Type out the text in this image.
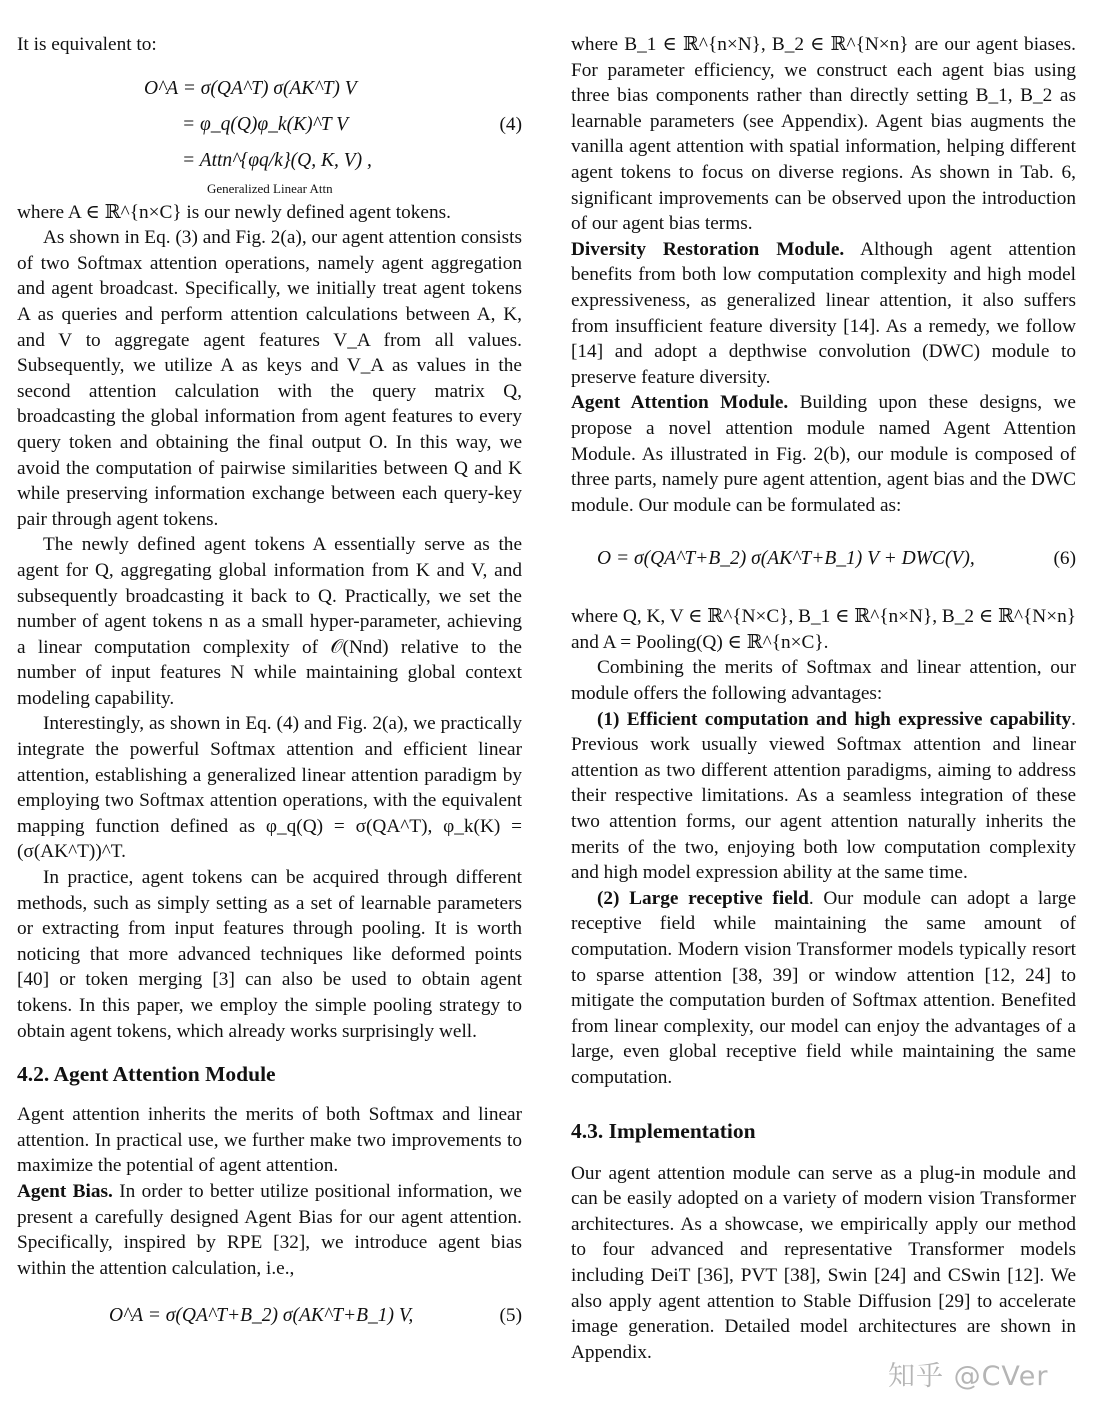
It is equivalent to:

O^A = σ(QA^T) σ(AK^T) V
= φ_q(Q)φ_k(K)^T V
= Attn^{φq/k}(Q, K, V) ,
Generalized Linear Attn
(4)

where A ∈ ℝ^{n×C} is our newly defined agent tokens.

As shown in Eq. (3) and Fig. 2(a), our agent attention consists of two Softmax attention operations, namely agent aggregation and agent broadcast. Specifically, we initially treat agent tokens A as queries and perform attention calculations between A, K, and V to aggregate agent features V_A from all values. Subsequently, we utilize A as keys and V_A as values in the second attention calculation with the query matrix Q, broadcasting the global information from agent features to every query token and obtaining the final output O. In this way, we avoid the computation of pairwise similarities between Q and K while preserving information exchange between each query-key pair through agent tokens.

The newly defined agent tokens A essentially serve as the agent for Q, aggregating global information from K and V, and subsequently broadcasting it back to Q. Practically, we set the number of agent tokens n as a small hyper-parameter, achieving a linear computation complexity of 𝒪(Nnd) relative to the number of input features N while maintaining global context modeling capability.

Interestingly, as shown in Eq. (4) and Fig. 2(a), we practically integrate the powerful Softmax attention and efficient linear attention, establishing a generalized linear attention paradigm by employing two Softmax attention operations, with the equivalent mapping function defined as φ_q(Q) = σ(QA^T), φ_k(K) = (σ(AK^T))^T.

In practice, agent tokens can be acquired through different methods, such as simply setting as a set of learnable parameters or extracting from input features through pooling. It is worth noticing that more advanced techniques like deformed points [40] or token merging [3] can also be used to obtain agent tokens. In this paper, we employ the simple pooling strategy to obtain agent tokens, which already works surprisingly well.

4.2. Agent Attention Module

Agent attention inherits the merits of both Softmax and linear attention. In practical use, we further make two improvements to maximize the potential of agent attention.

Agent Bias. In order to better utilize positional information, we present a carefully designed Agent Bias for our agent attention. Specifically, inspired by RPE [32], we introduce agent bias within the attention calculation, i.e.,

O^A = σ(QA^T+B_2) σ(AK^T+B_1) V,	(5)

where B_1 ∈ ℝ^{n×N}, B_2 ∈ ℝ^{N×n} are our agent biases. For parameter efficiency, we construct each agent bias using three bias components rather than directly setting B_1, B_2 as learnable parameters (see Appendix). Agent bias augments the vanilla agent attention with spatial information, helping different agent tokens to focus on diverse regions. As shown in Tab. 6, significant improvements can be observed upon the introduction of our agent bias terms.

Diversity Restoration Module. Although agent attention benefits from both low computation complexity and high model expressiveness, as generalized linear attention, it also suffers from insufficient feature diversity [14]. As a remedy, we follow [14] and adopt a depthwise convolution (DWC) module to preserve feature diversity.

Agent Attention Module. Building upon these designs, we propose a novel attention module named Agent Attention Module. As illustrated in Fig. 2(b), our module is composed of three parts, namely pure agent attention, agent bias and the DWC module. Our module can be formulated as:

O = σ(QA^T+B_2) σ(AK^T+B_1) V + DWC(V),	(6)

where Q, K, V ∈ ℝ^{N×C}, B_1 ∈ ℝ^{n×N}, B_2 ∈ ℝ^{N×n} and A = Pooling(Q) ∈ ℝ^{n×C}.

Combining the merits of Softmax and linear attention, our module offers the following advantages:

(1) Efficient computation and high expressive capability. Previous work usually viewed Softmax attention and linear attention as two different attention paradigms, aiming to address their respective limitations. As a seamless integration of these two attention forms, our agent attention naturally inherits the merits of the two, enjoying both low computation complexity and high model expression ability at the same time.

(2) Large receptive field. Our module can adopt a large receptive field while maintaining the same amount of computation. Modern vision Transformer models typically resort to sparse attention [38, 39] or window attention [12, 24] to mitigate the computation burden of Softmax attention. Benefited from linear complexity, our model can enjoy the advantages of a large, even global receptive field while maintaining the same computation.

4.3. Implementation

Our agent attention module can serve as a plug-in module and can be easily adopted on a variety of modern vision Transformer architectures. As a showcase, we empirically apply our method to four advanced and representative Transformer models including DeiT [36], PVT [38], Swin [24] and CSwin [12]. We also apply agent attention to Stable Diffusion [29] to accelerate image generation. Detailed model architectures are shown in Appendix.

知乎 @CVer
